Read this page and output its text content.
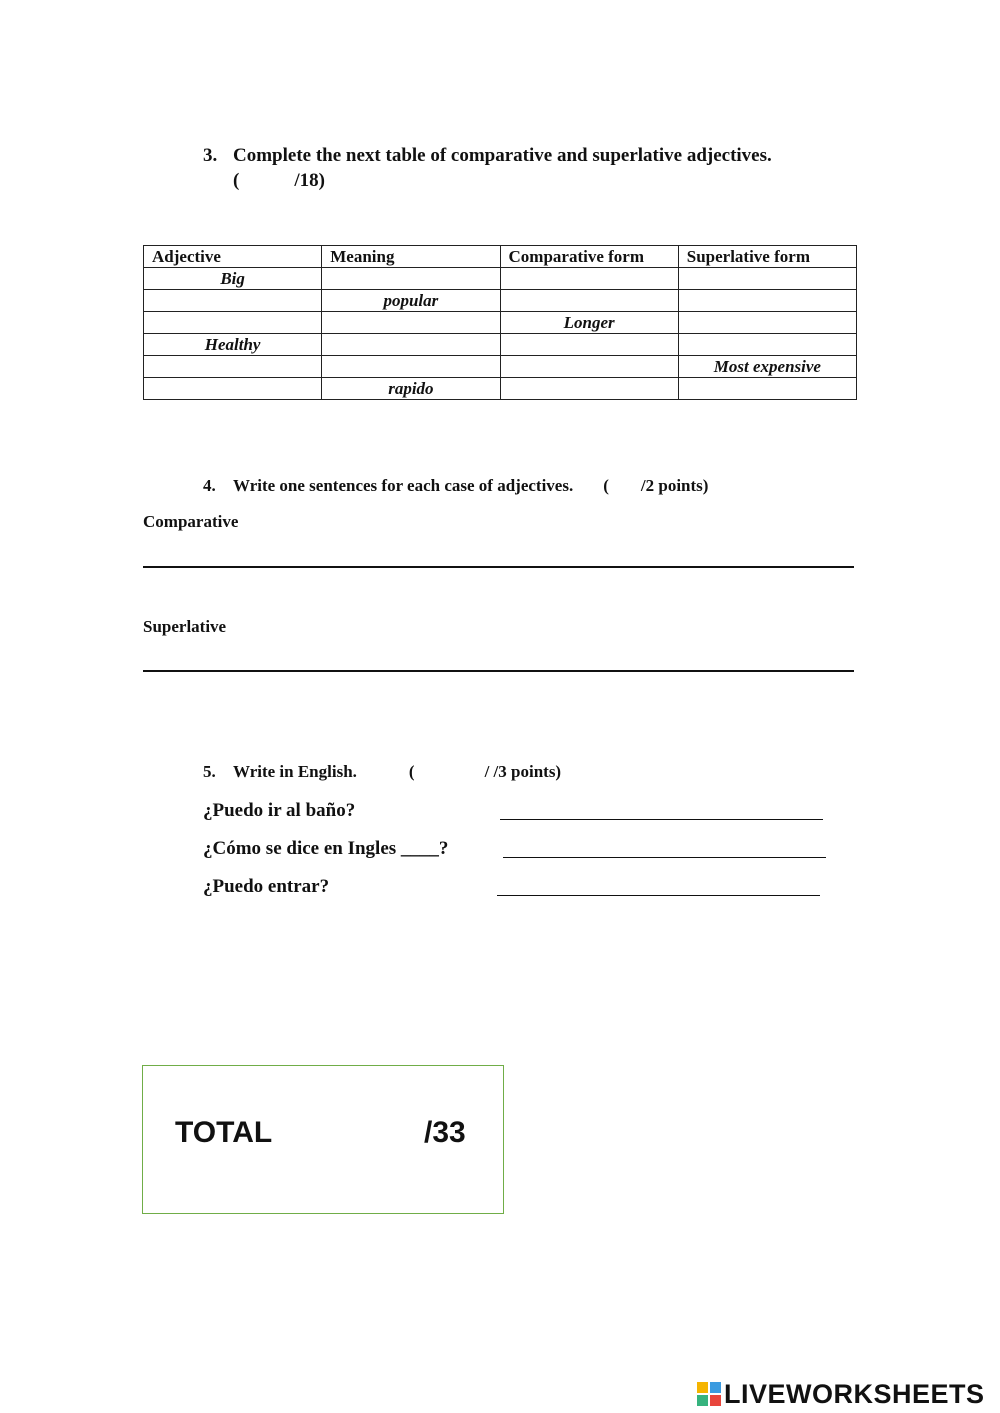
3. Complete the next table of comparative and superlative adjectives.
(	/18)
Adjective	Meaning	Comparative form	Superlative form
Big			
	popular		
		Longer	
Healthy			
			Most expensive
	rapido		
4. Write one sentences for each case of adjectives. ( /2 points)
Comparative
Superlative
5. Write in English.	(	/ /3 points)
¿Puedo ir al baño?
¿Cómo se dice en Ingles ____?
¿Puedo entrar?
TOTAL	/33
LIVEWORKSHEETS
